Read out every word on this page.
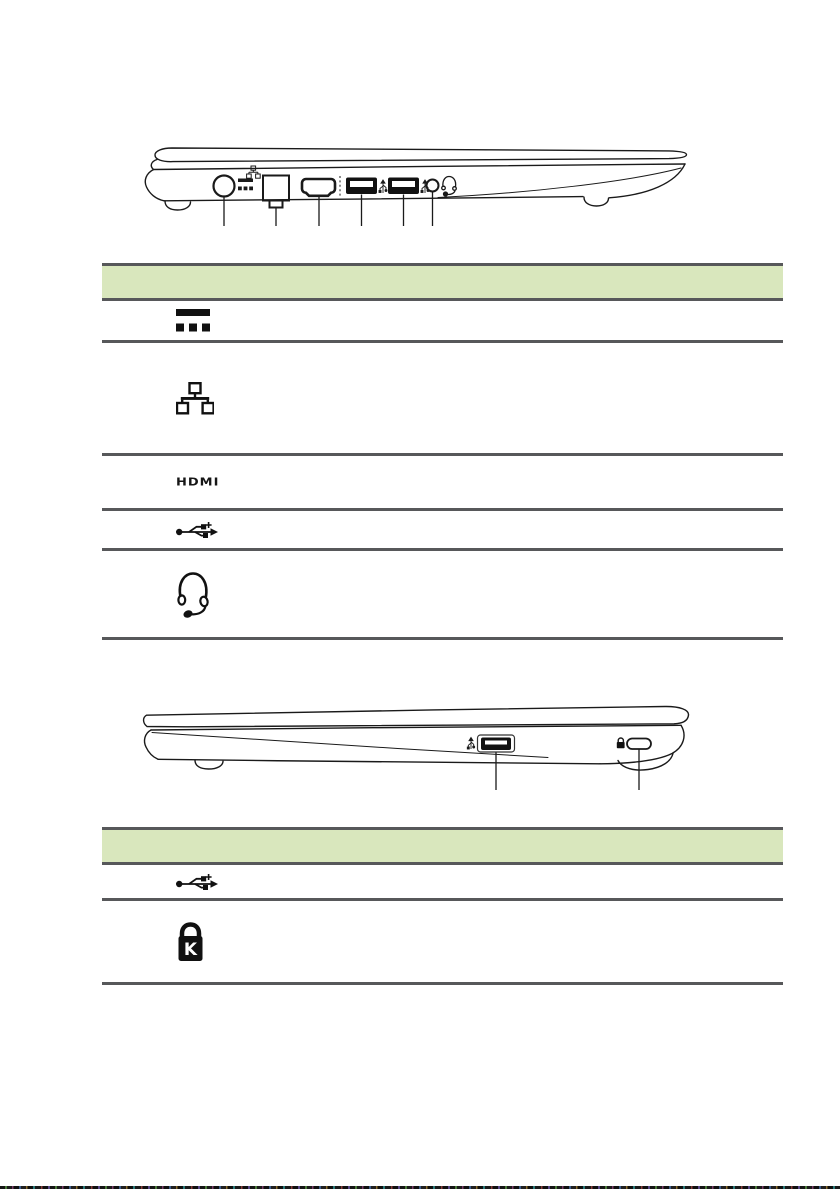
HDMI
K
